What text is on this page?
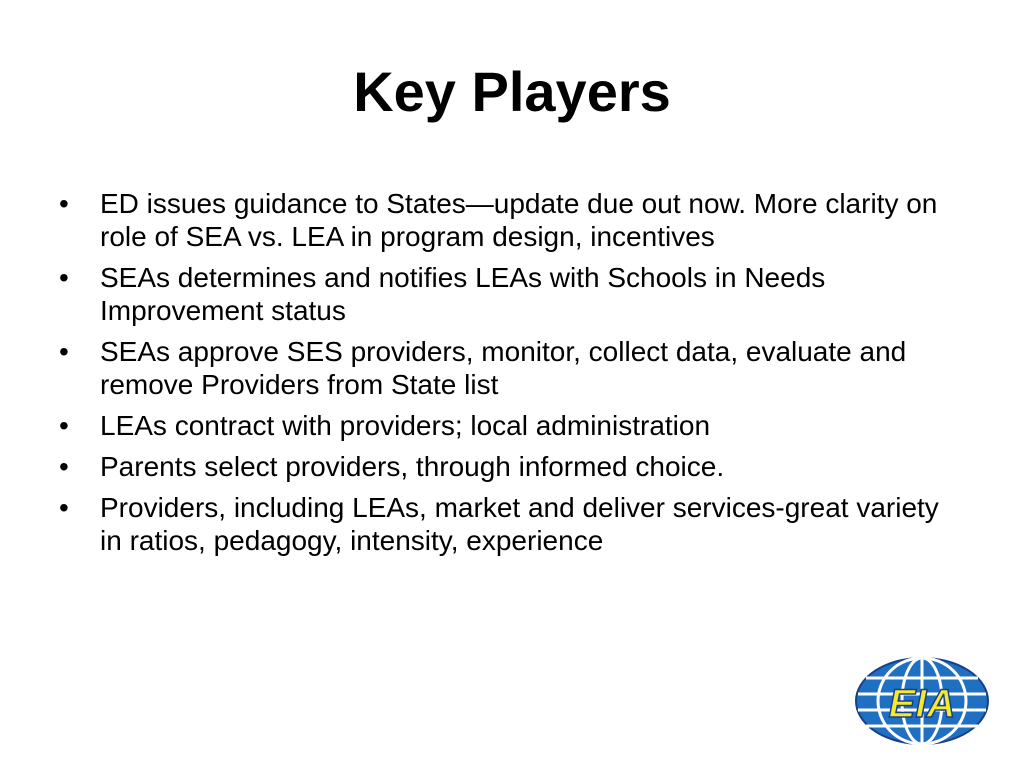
Key Players
• ED issues guidance to States—update due out now. More clarity on role of SEA vs. LEA in program design, incentives
• SEAs determines and notifies LEAs with Schools in Needs Improvement status
• SEAs approve SES providers, monitor, collect data, evaluate and remove Providers from State list
• LEAs contract with providers; local administration
• Parents select providers, through informed choice.
• Providers, including LEAs, market and deliver services-great variety in ratios, pedagogy, intensity, experience
EIA
